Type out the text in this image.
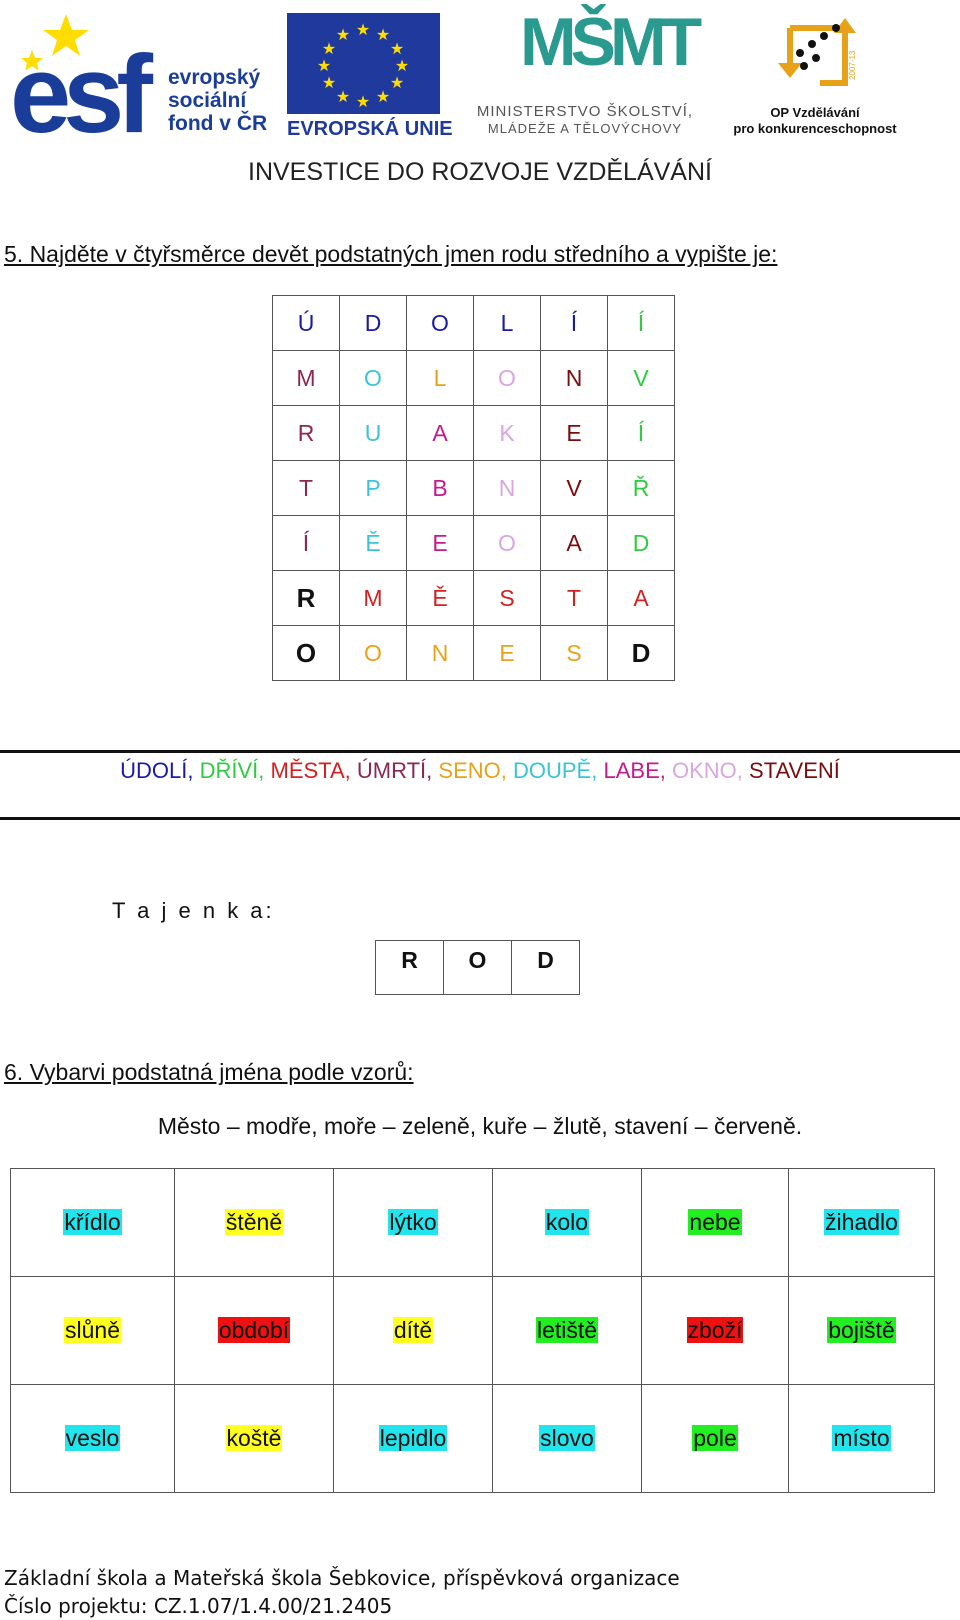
esf evropský
sociální
fond v ČR
★ ★
★
★
★
★
★
★
★
★
★
★
EVROPSKÁ UNIE
MŠMT
MINISTERSTVO ŠKOLSTVÍ,
MLÁDEŽE A TĚLOVÝCHOVY
2007-13
OP Vzdělávání
pro konkurenceschopnost
INVESTICE DO ROZVOJE VZDĚLÁVÁNÍ
5. Najděte v čtyřsměrce devět podstatných jmen rodu středního a vypište je:
Ú	D	O	L	Í	Í
M	O	L	O	N	V
R	U	A	K	E	Í
T	P	B	N	V	Ř
Í	Ě	E	O	A	D
R	M	Ě	S	T	A
O	O	N	E	S	D
ÚDOLÍ, DŘÍVÍ, MĚSTA, ÚMRTÍ, SENO, DOUPĚ, LABE, OKNO, STAVENÍ
T a j e n k a:
R	O	D
6. Vybarvi podstatná jména podle vzorů:
Město – modře, moře – zeleně, kuře – žlutě, stavení – červeně.
křídlo	štěně	lýtko	kolo	nebe	žihadlo
slůně	období	dítě	letiště	zboží	bojiště
veslo	koště	lepidlo	slovo	pole	místo
Základní škola a Mateřská škola Šebkovice, příspěvková organizace
Číslo projektu: CZ.1.07/1.4.00/21.2405
